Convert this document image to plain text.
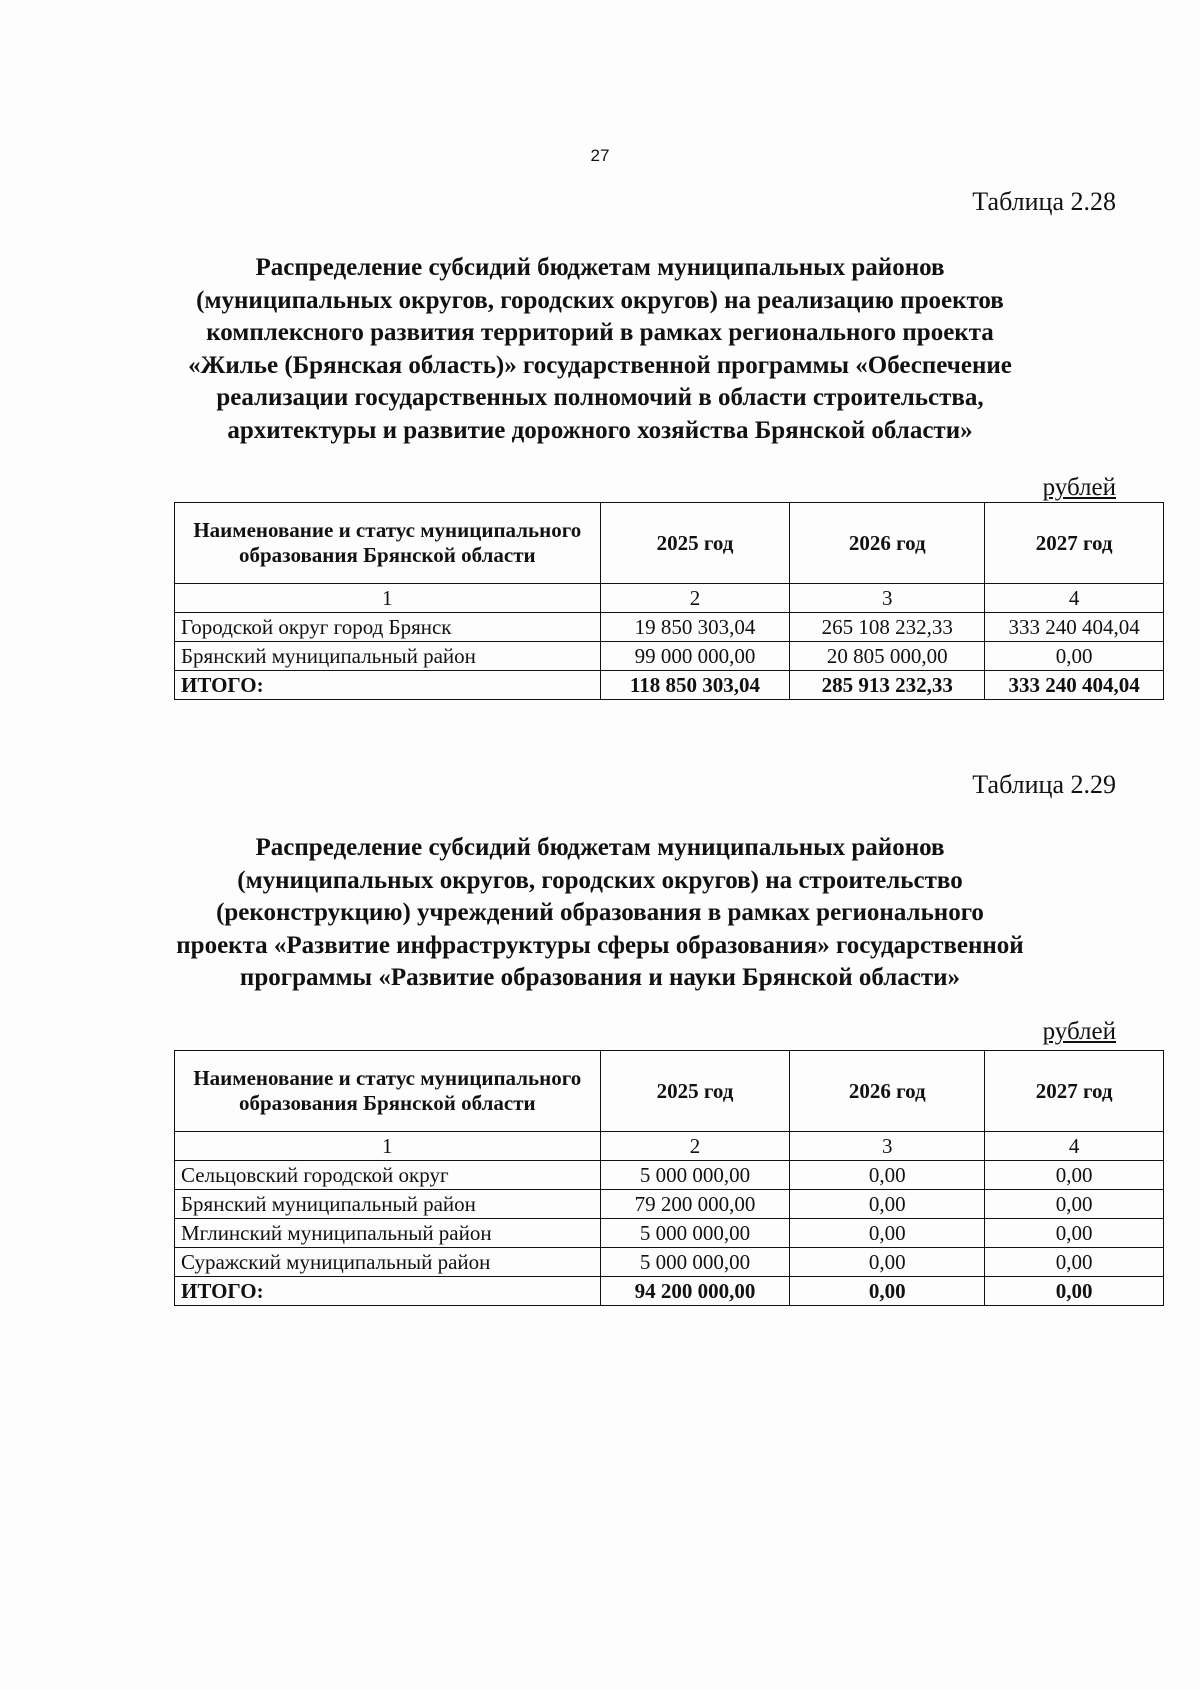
27
Таблица 2.28
Распределение субсидий бюджетам муниципальных районов
(муниципальных округов, городских округов) на реализацию проектов
комплексного развития территорий в рамках регионального проекта
«Жилье (Брянская область)» государственной программы «Обеспечение
реализации государственных полномочий в области строительства,
архитектуры и развитие дорожного хозяйства Брянской области»
рублей
Наименование и статус муниципального образования Брянской области	2025 год	2026 год	2027 год
1	2	3	4
Городской округ город Брянск	19 850 303,04	265 108 232,33	333 240 404,04
Брянский муниципальный район	99 000 000,00	20 805 000,00	0,00
ИТОГО:	118 850 303,04	285 913 232,33	333 240 404,04
Таблица 2.29
Распределение субсидий бюджетам муниципальных районов
(муниципальных округов, городских округов) на строительство
(реконструкцию) учреждений образования в рамках регионального
проекта «Развитие инфраструктуры сферы образования» государственной
программы «Развитие образования и науки Брянской области»
рублей
Наименование и статус муниципального образования Брянской области	2025 год	2026 год	2027 год
1	2	3	4
Сельцовский городской округ	5 000 000,00	0,00	0,00
Брянский муниципальный район	79 200 000,00	0,00	0,00
Мглинский муниципальный район	5 000 000,00	0,00	0,00
Суражский муниципальный район	5 000 000,00	0,00	0,00
ИТОГО:	94 200 000,00	0,00	0,00
